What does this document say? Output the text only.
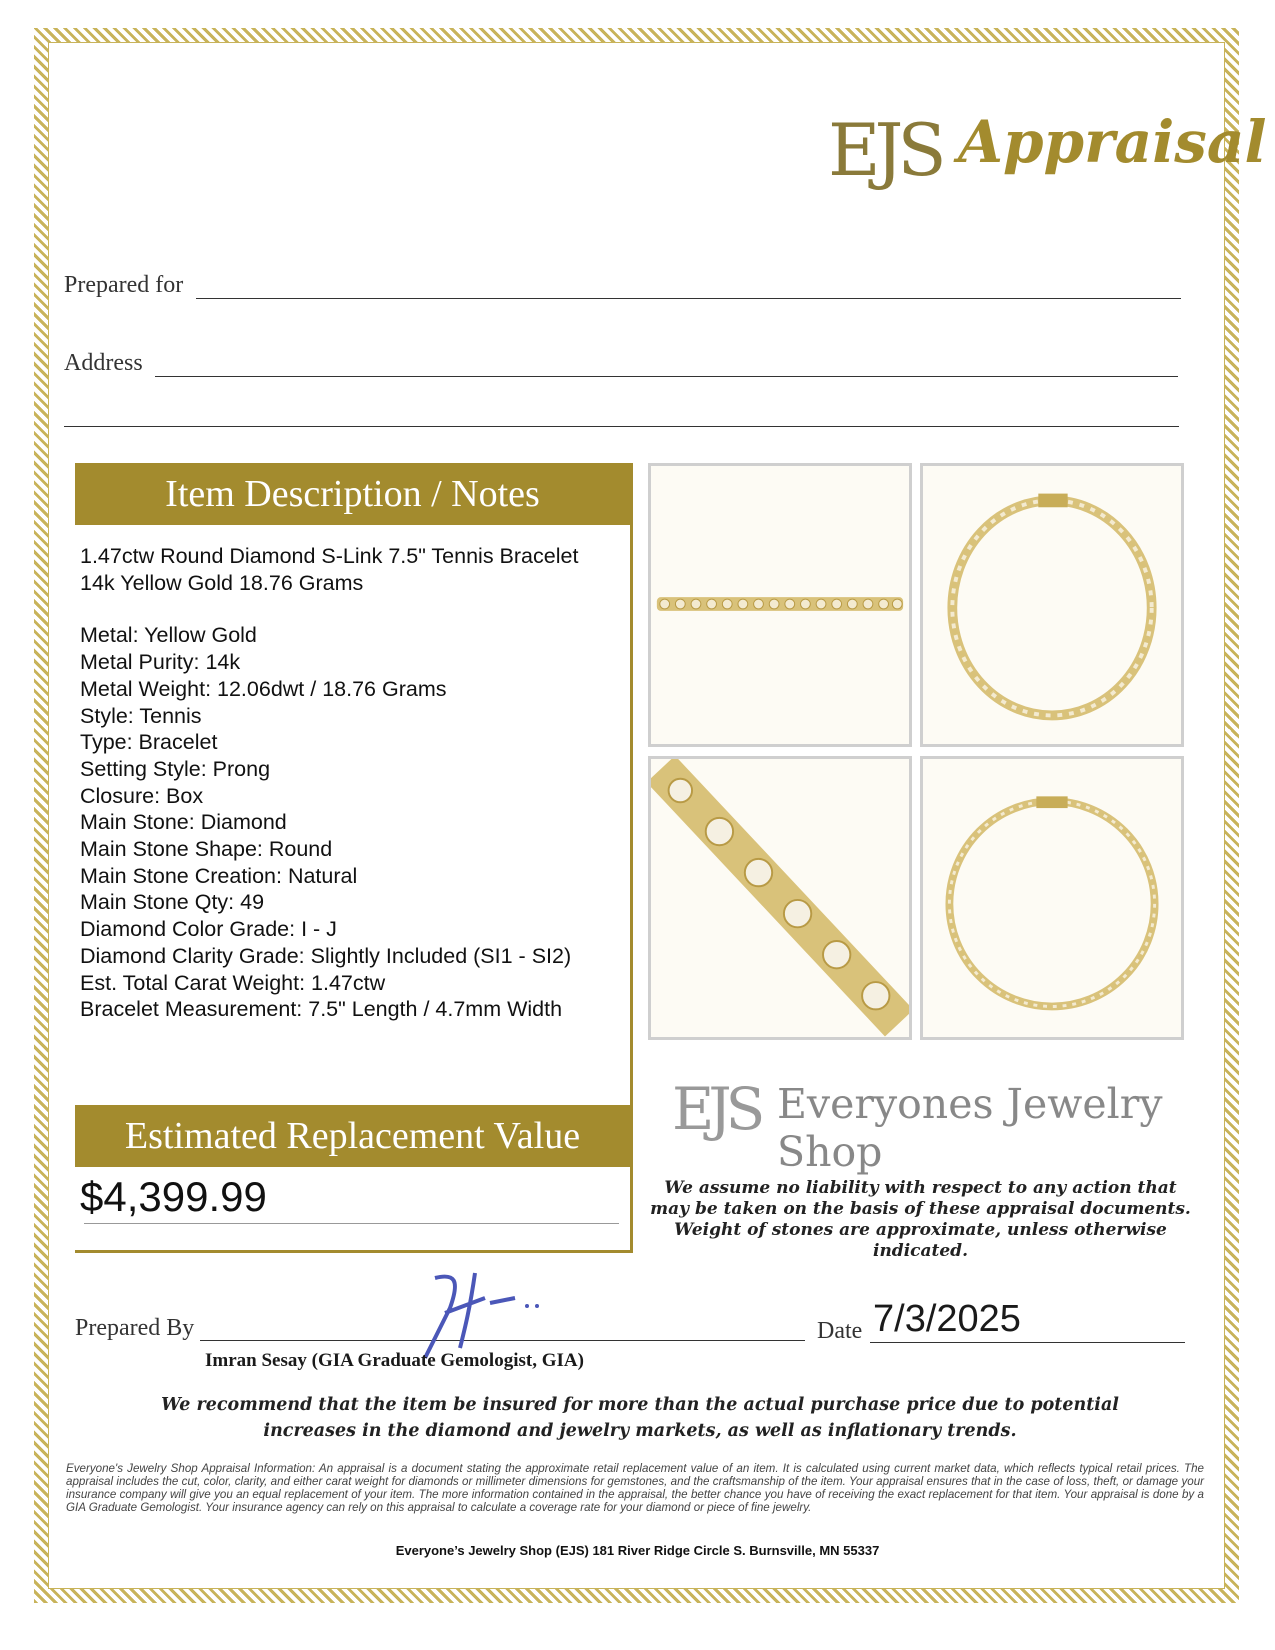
EJS Appraisal
Prepared for
Address
Item Description / Notes
1.47ctw Round Diamond S-Link 7.5" Tennis Bracelet
14k Yellow Gold 18.76 Grams
Metal: Yellow Gold
Metal Purity: 14k
Metal Weight: 12.06dwt / 18.76 Grams
Style: Tennis
Type: Bracelet
Setting Style: Prong
Closure: Box
Main Stone: Diamond
Main Stone Shape: Round
Main Stone Creation: Natural
Main Stone Qty: 49
Diamond Color Grade: I - J
Diamond Clarity Grade: Slightly Included (SI1 - SI2)
Est. Total Carat Weight: 1.47ctw
Bracelet Measurement: 7.5" Length / 4.7mm Width
Estimated Replacement Value
$4,399.99
EJS Everyones Jewelry Shop
We assume no liability with respect to any action that may be taken on the basis of these appraisal documents. Weight of stones are approximate, unless otherwise indicated.
Prepared By
Imran Sesay (GIA Graduate Gemologist, GIA)
Date 7/3/2025
We recommend that the item be insured for more than the actual purchase price due to potential increases in the diamond and jewelry markets, as well as inflationary trends.
Everyone's Jewelry Shop Appraisal Information: An appraisal is a document stating the approximate retail replacement value of an item. It is calculated using current market data, which reflects typical retail prices. The appraisal includes the cut, color, clarity, and either carat weight for diamonds or millimeter dimensions for gemstones, and the craftsmanship of the item. Your appraisal ensures that in the case of loss, theft, or damage your insurance company will give you an equal replacement of your item. The more information contained in the appraisal, the better chance you have of receiving the exact replacement for that item. Your appraisal is done by a GIA Graduate Gemologist. Your insurance agency can rely on this appraisal to calculate a coverage rate for your diamond or piece of fine jewelry.
Everyone’s Jewelry Shop (EJS) 181 River Ridge Circle S. Burnsville, MN 55337
